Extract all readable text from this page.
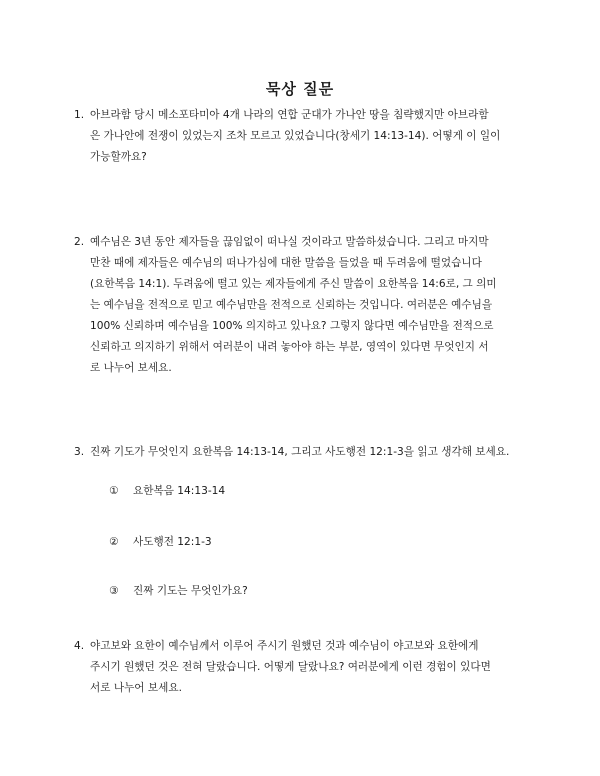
묵상 질문
1. 아브라함 당시 메소포타미아 4개 나라의 연합 군대가 가나안 땅을 침략했지만 아브라함
은 가나안에 전쟁이 있었는지 조차 모르고 있었습니다(창세기 14:13-14). 어떻게 이 일이
가능할까요?
2. 예수님은 3년 동안 제자들을 끊임없이 떠나실 것이라고 말씀하셨습니다. 그리고 마지막
만찬 때에 제자들은 예수님의 떠나가심에 대한 말씀을 들었을 때 두려움에 떨었습니다
(요한복음 14:1). 두려움에 떨고 있는 제자들에게 주신 말씀이 요한복음 14:6로, 그 의미
는 예수님을 전적으로 믿고 예수님만을 전적으로 신뢰하는 것입니다. 여러분은 예수님을
100% 신뢰하며 예수님을 100% 의지하고 있나요? 그렇지 않다면 예수님만을 전적으로
신뢰하고 의지하기 위해서 여러분이 내려 놓아야 하는 부분, 영역이 있다면 무엇인지 서
로 나누어 보세요.
3. 진짜 기도가 무엇인지 요한복음 14:13-14, 그리고 사도행전 12:1-3을 읽고 생각해 보세요.
① 요한복음 14:13-14
② 사도행전 12:1-3
③ 진짜 기도는 무엇인가요?
4. 야고보와 요한이 예수님께서 이루어 주시기 원했던 것과 예수님이 야고보와 요한에게
주시기 원했던 것은 전혀 달랐습니다. 어떻게 달랐나요? 여러분에게 이런 경험이 있다면
서로 나누어 보세요.
